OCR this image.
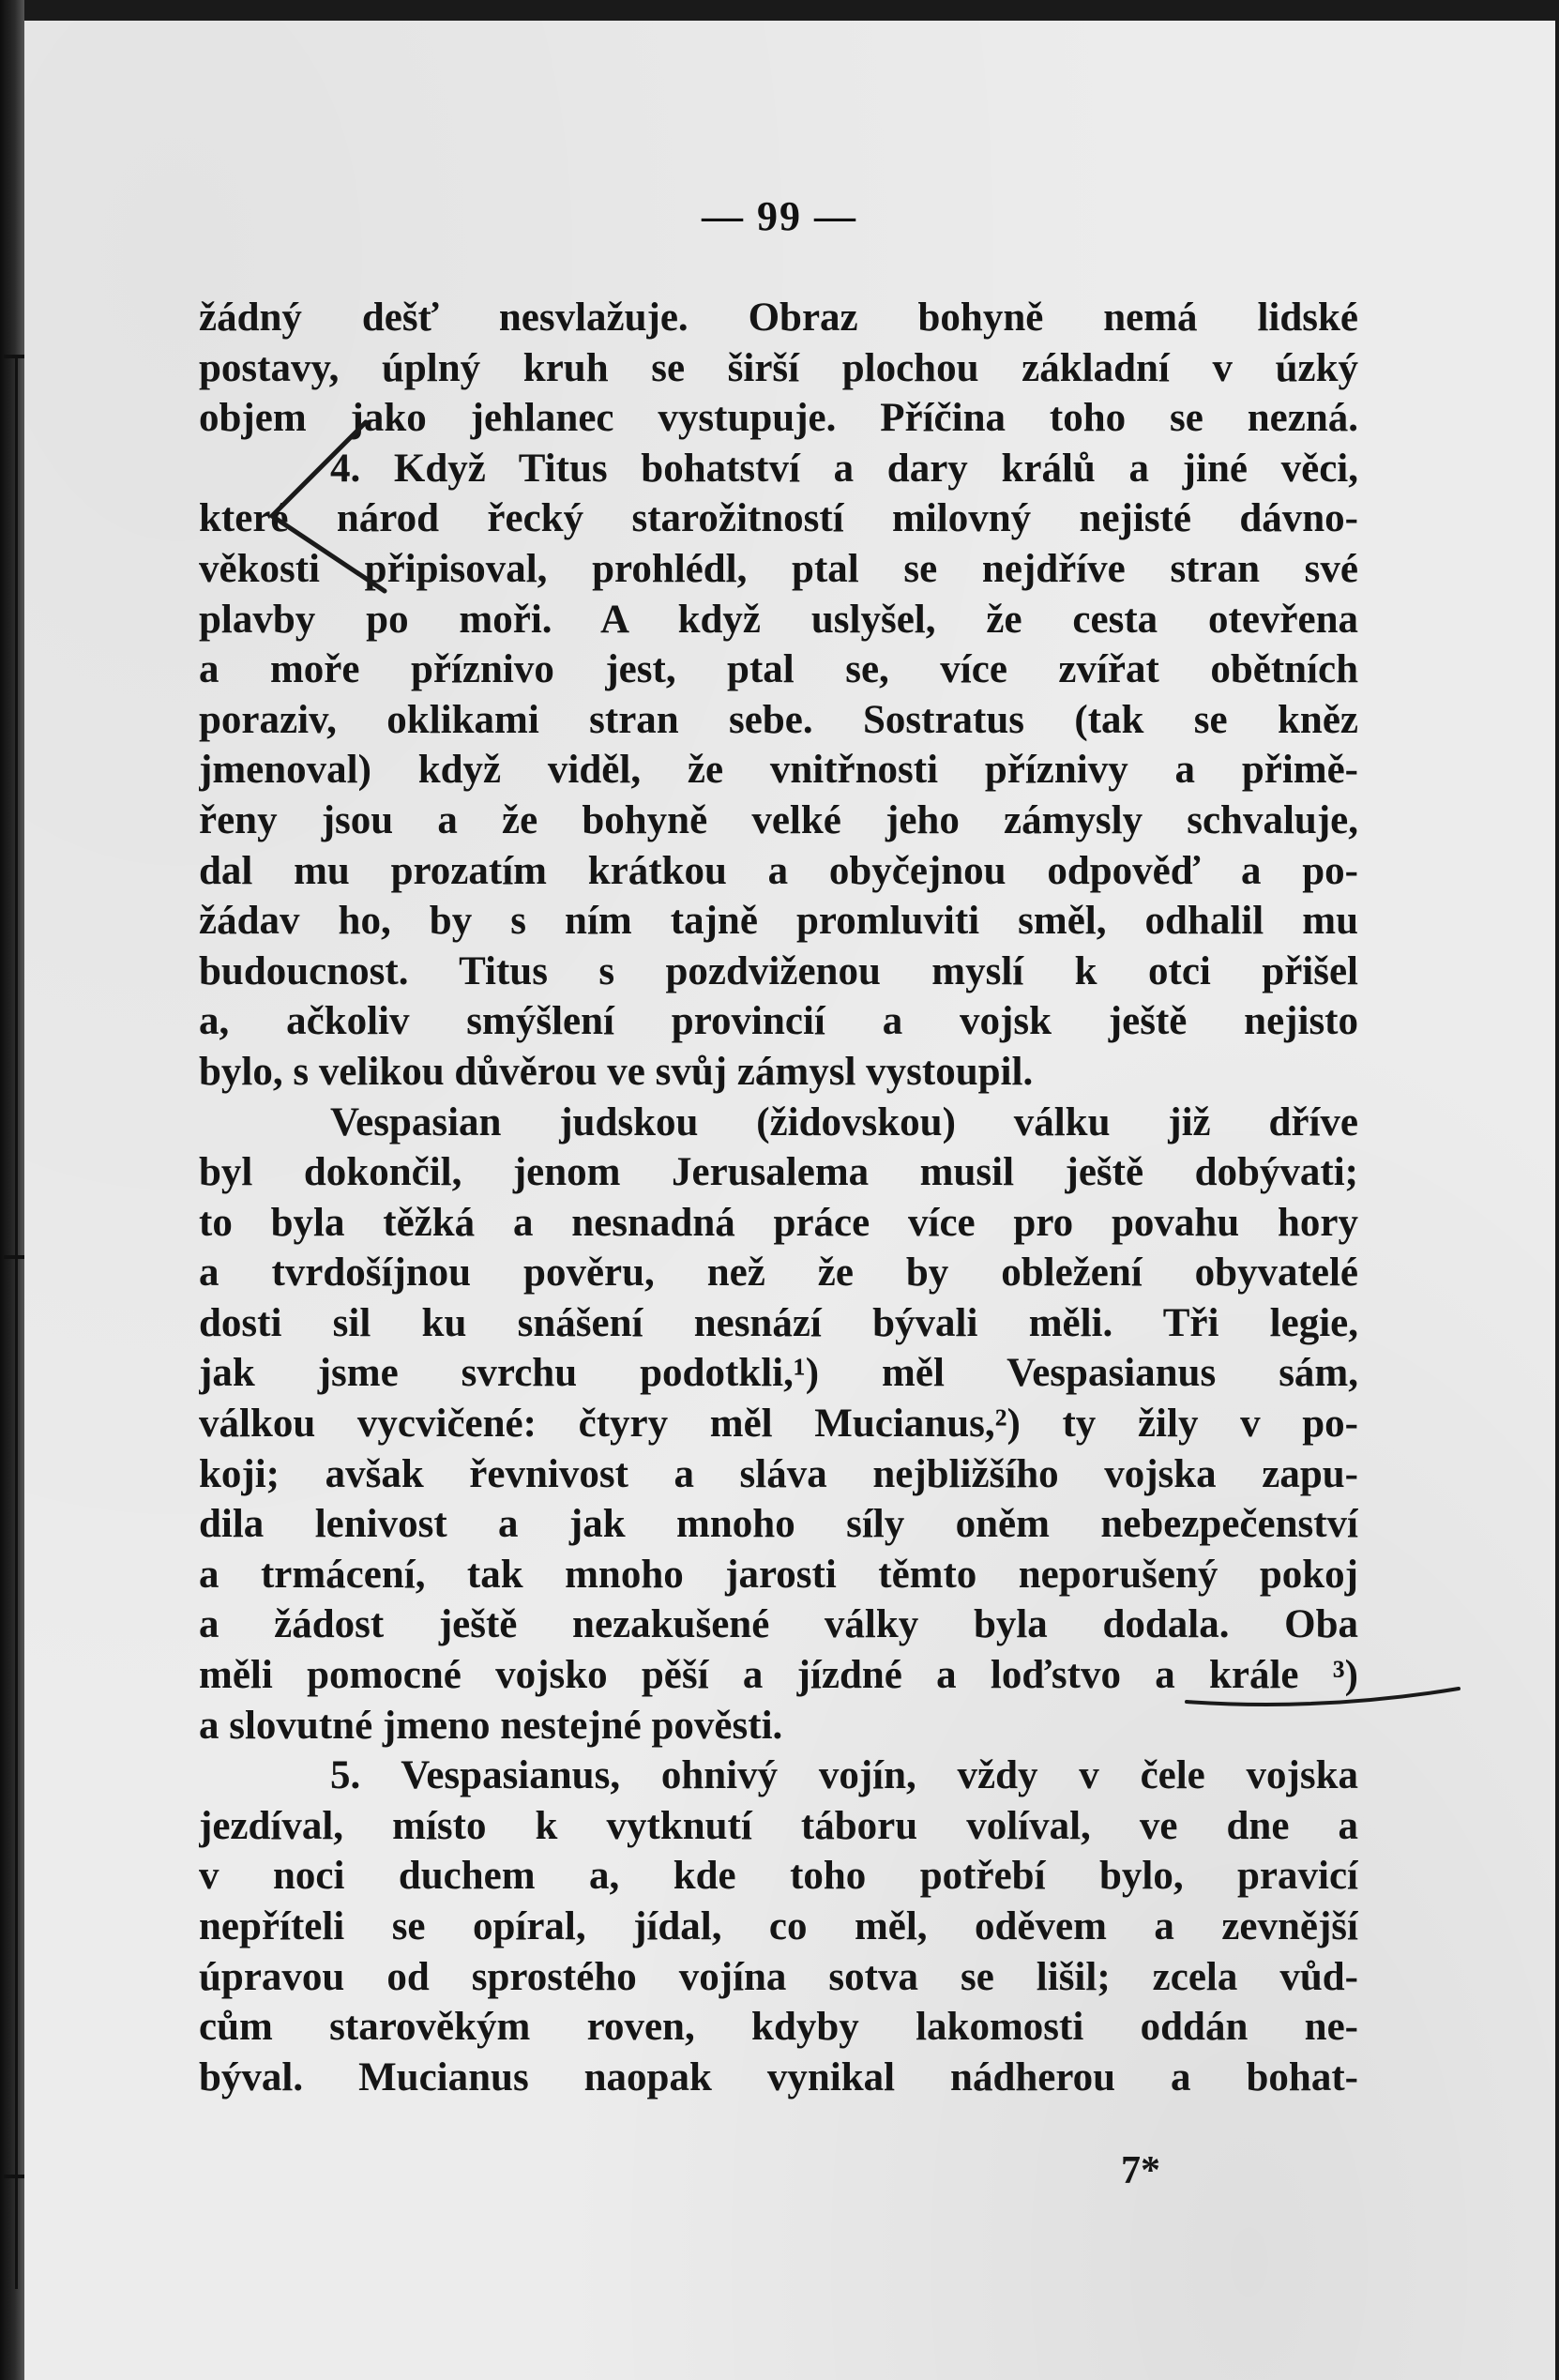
— 99 —
žádný dešť nesvlažuje. Obraz bohyně nemá lidské
postavy, úplný kruh se širší plochou základní v úzký
objem jako jehlanec vystupuje. Příčina toho se nezná.
4. Když Titus bohatství a dary králů a jiné věci,
které národ řecký starožitností milovný nejisté dávno-
věkosti připisoval, prohlédl, ptal se nejdříve stran své
plavby po moři. A když uslyšel, že cesta otevřena
a moře příznivo jest, ptal se, více zvířat obětních
poraziv, oklikami stran sebe. Sostratus (tak se kněz
jmenoval) když viděl, že vnitřnosti příznivy a přimě-
řeny jsou a že bohyně velké jeho zámysly schvaluje,
dal mu prozatím krátkou a obyčejnou odpověď a po-
žádav ho, by s ním tajně promluviti směl, odhalil mu
budoucnost. Titus s pozdviženou myslí k otci přišel
a, ačkoliv smýšlení provincií a vojsk ještě nejisto
bylo, s velikou důvěrou ve svůj zámysl vystoupil.
Vespasian judskou (židovskou) válku již dříve
byl dokončil, jenom Jerusalema musil ještě dobývati;
to byla těžká a nesnadná práce více pro povahu hory
a tvrdošíjnou pověru, než že by obležení obyvatelé
dosti sil ku snášení nesnází bývali měli. Tři legie,
jak jsme svrchu podotkli,¹) měl Vespasianus sám,
válkou vycvičené: čtyry měl Mucianus,²) ty žily v po-
koji; avšak řevnivost a sláva nejbližšího vojska zapu-
dila lenivost a jak mnoho síly oněm nebezpečenství
a trmácení, tak mnoho jarosti těmto neporušený pokoj
a žádost ještě nezakušené války byla dodala. Oba
měli pomocné vojsko pěší a jízdné a loďstvo a krále ³)
a slovutné jmeno nestejné pověsti.
5. Vespasianus, ohnivý vojín, vždy v čele vojska
jezdíval, místo k vytknutí táboru volíval, ve dne a
v noci duchem a, kde toho potřebí bylo, pravicí
nepříteli se opíral, jídal, co měl, oděvem a zevnější
úpravou od sprostého vojína sotva se lišil; zcela vůd-
cům starověkým roven, kdyby lakomosti oddán ne-
býval. Mucianus naopak vynikal nádherou a bohat-
7*
